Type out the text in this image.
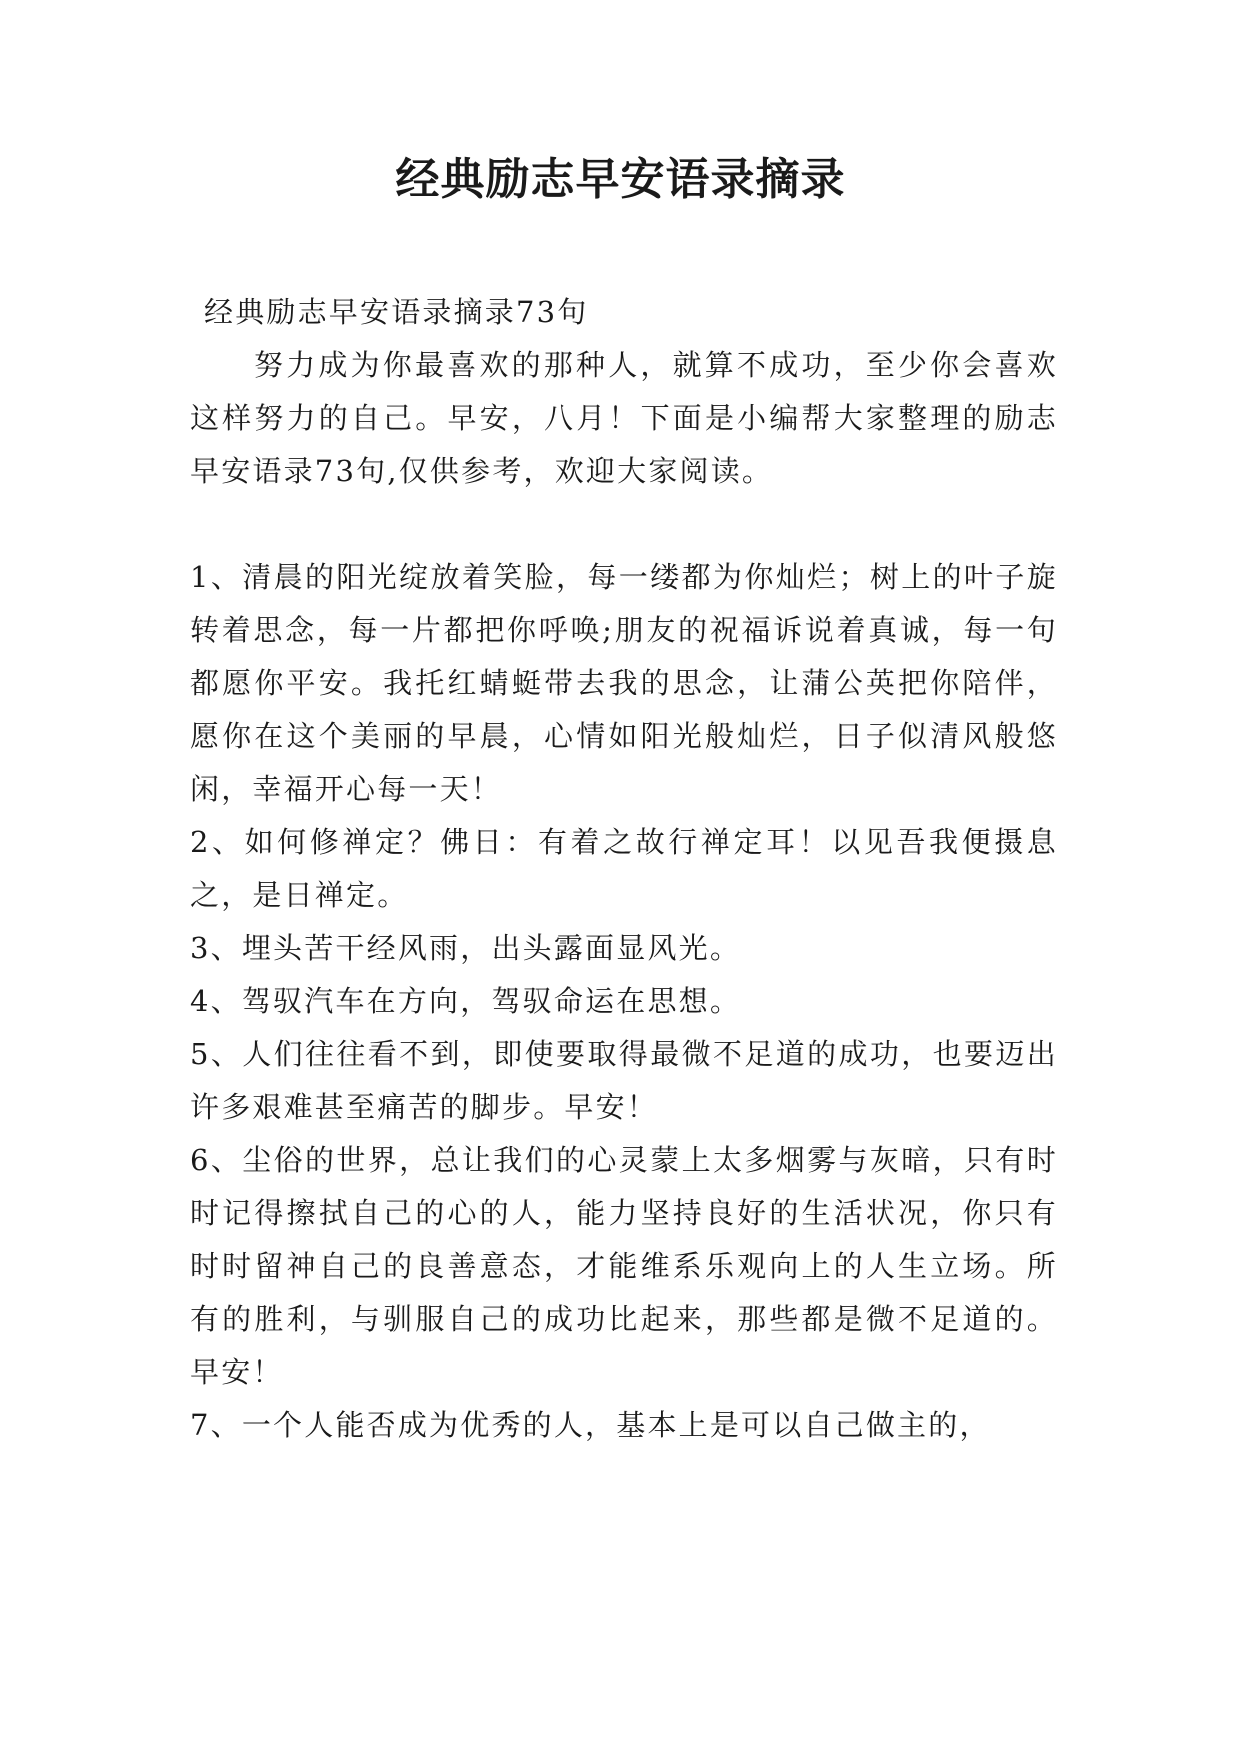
经典励志早安语录摘录

经典励志早安语录摘录73句

努力成为你最喜欢的那种人，就算不成功，至少你会喜欢这样努力的自己。早安，八月！下面是小编帮大家整理的励志早安语录73句,仅供参考，欢迎大家阅读。

1、清晨的阳光绽放着笑脸，每一缕都为你灿烂；树上的叶子旋转着思念，每一片都把你呼唤;朋友的祝福诉说着真诚，每一句都愿你平安。我托红蜻蜓带去我的思念，让蒲公英把你陪伴，愿你在这个美丽的早晨，心情如阳光般灿烂，日子似清风般悠闲，幸福开心每一天！

2、如何修禅定？佛日：有着之故行禅定耳！以见吾我便摄息之，是日禅定。

3、埋头苦干经风雨，出头露面显风光。

4、驾驭汽车在方向，驾驭命运在思想。

5、人们往往看不到，即使要取得最微不足道的成功，也要迈出许多艰难甚至痛苦的脚步。早安！

6、尘俗的世界，总让我们的心灵蒙上太多烟雾与灰暗，只有时时记得擦拭自己的心的人，能力坚持良好的生活状况，你只有时时留神自己的良善意态，才能维系乐观向上的人生立场。所有的胜利，与驯服自己的成功比起来，那些都是微不足道的。早安！

7、一个人能否成为优秀的人，基本上是可以自己做主的，
